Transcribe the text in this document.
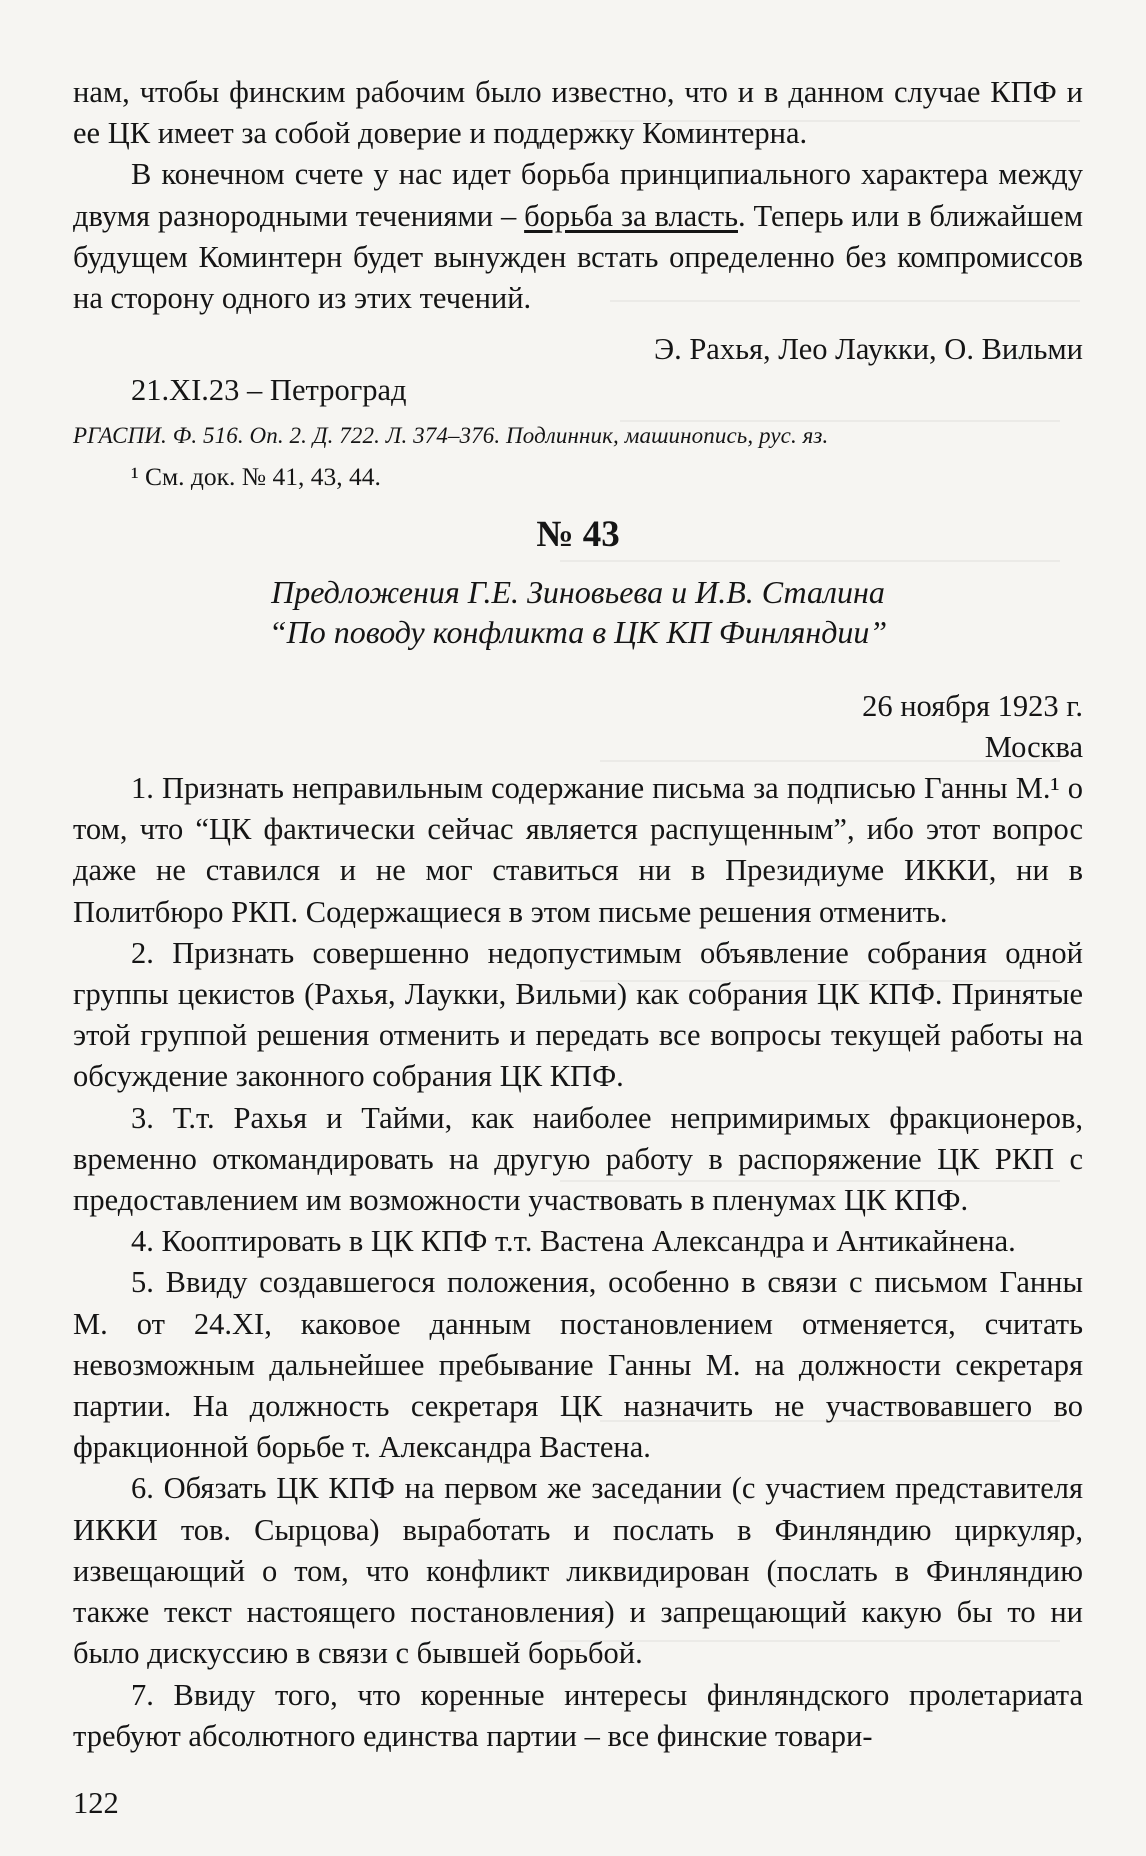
нам, чтобы финским рабочим было известно, что и в данном случае КПФ и ее ЦК имеет за собой доверие и поддержку Коминтерна.

В конечном счете у нас идет борьба принципиального характера между двумя разнородными течениями – борьба за власть. Теперь или в ближайшем будущем Коминтерн будет вынужден встать определенно без компромиссов на сторону одного из этих течений.

Э. Рахья, Лео Лаукки, О. Вильми

21.XI.23 – Петроград

РГАСПИ. Ф. 516. Оп. 2. Д. 722. Л. 374–376. Подлинник, машинопись, рус. яз.

¹ См. док. № 41, 43, 44.

№ 43

Предложения Г.Е. Зиновьева и И.В. Сталина

“По поводу конфликта в ЦК КП Финляндии”

26 ноября 1923 г.

Москва

1. Признать неправильным содержание письма за подписью Ганны М.¹ о том, что “ЦК фактически сейчас является распущенным”, ибо этот вопрос даже не ставился и не мог ставиться ни в Президиуме ИККИ, ни в Политбюро РКП. Содержащиеся в этом письме решения отменить.

2. Признать совершенно недопустимым объявление собрания одной группы цекистов (Рахья, Лаукки, Вильми) как собрания ЦК КПФ. Принятые этой группой решения отменить и передать все вопросы текущей работы на обсуждение законного собрания ЦК КПФ.

3. Т.т. Рахья и Тайми, как наиболее непримиримых фракционеров, временно откомандировать на другую работу в распоряжение ЦК РКП с предоставлением им возможности участвовать в пленумах ЦК КПФ.

4. Кооптировать в ЦК КПФ т.т. Вастена Александра и Антикайнена.

5. Ввиду создавшегося положения, особенно в связи с письмом Ганны М. от 24.XI, каковое данным постановлением отменяется, считать невозможным дальнейшее пребывание Ганны М. на должности секретаря партии. На должность секретаря ЦК назначить не участвовавшего во фракционной борьбе т. Александра Вастена.

6. Обязать ЦК КПФ на первом же заседании (с участием представителя ИККИ тов. Сырцова) выработать и послать в Финляндию циркуляр, извещающий о том, что конфликт ликвидирован (послать в Финляндию также текст настоящего постановления) и запрещающий какую бы то ни было дискуссию в связи с бывшей борьбой.

7. Ввиду того, что коренные интересы финляндского пролетариата требуют абсолютного единства партии – все финские товари-

122
